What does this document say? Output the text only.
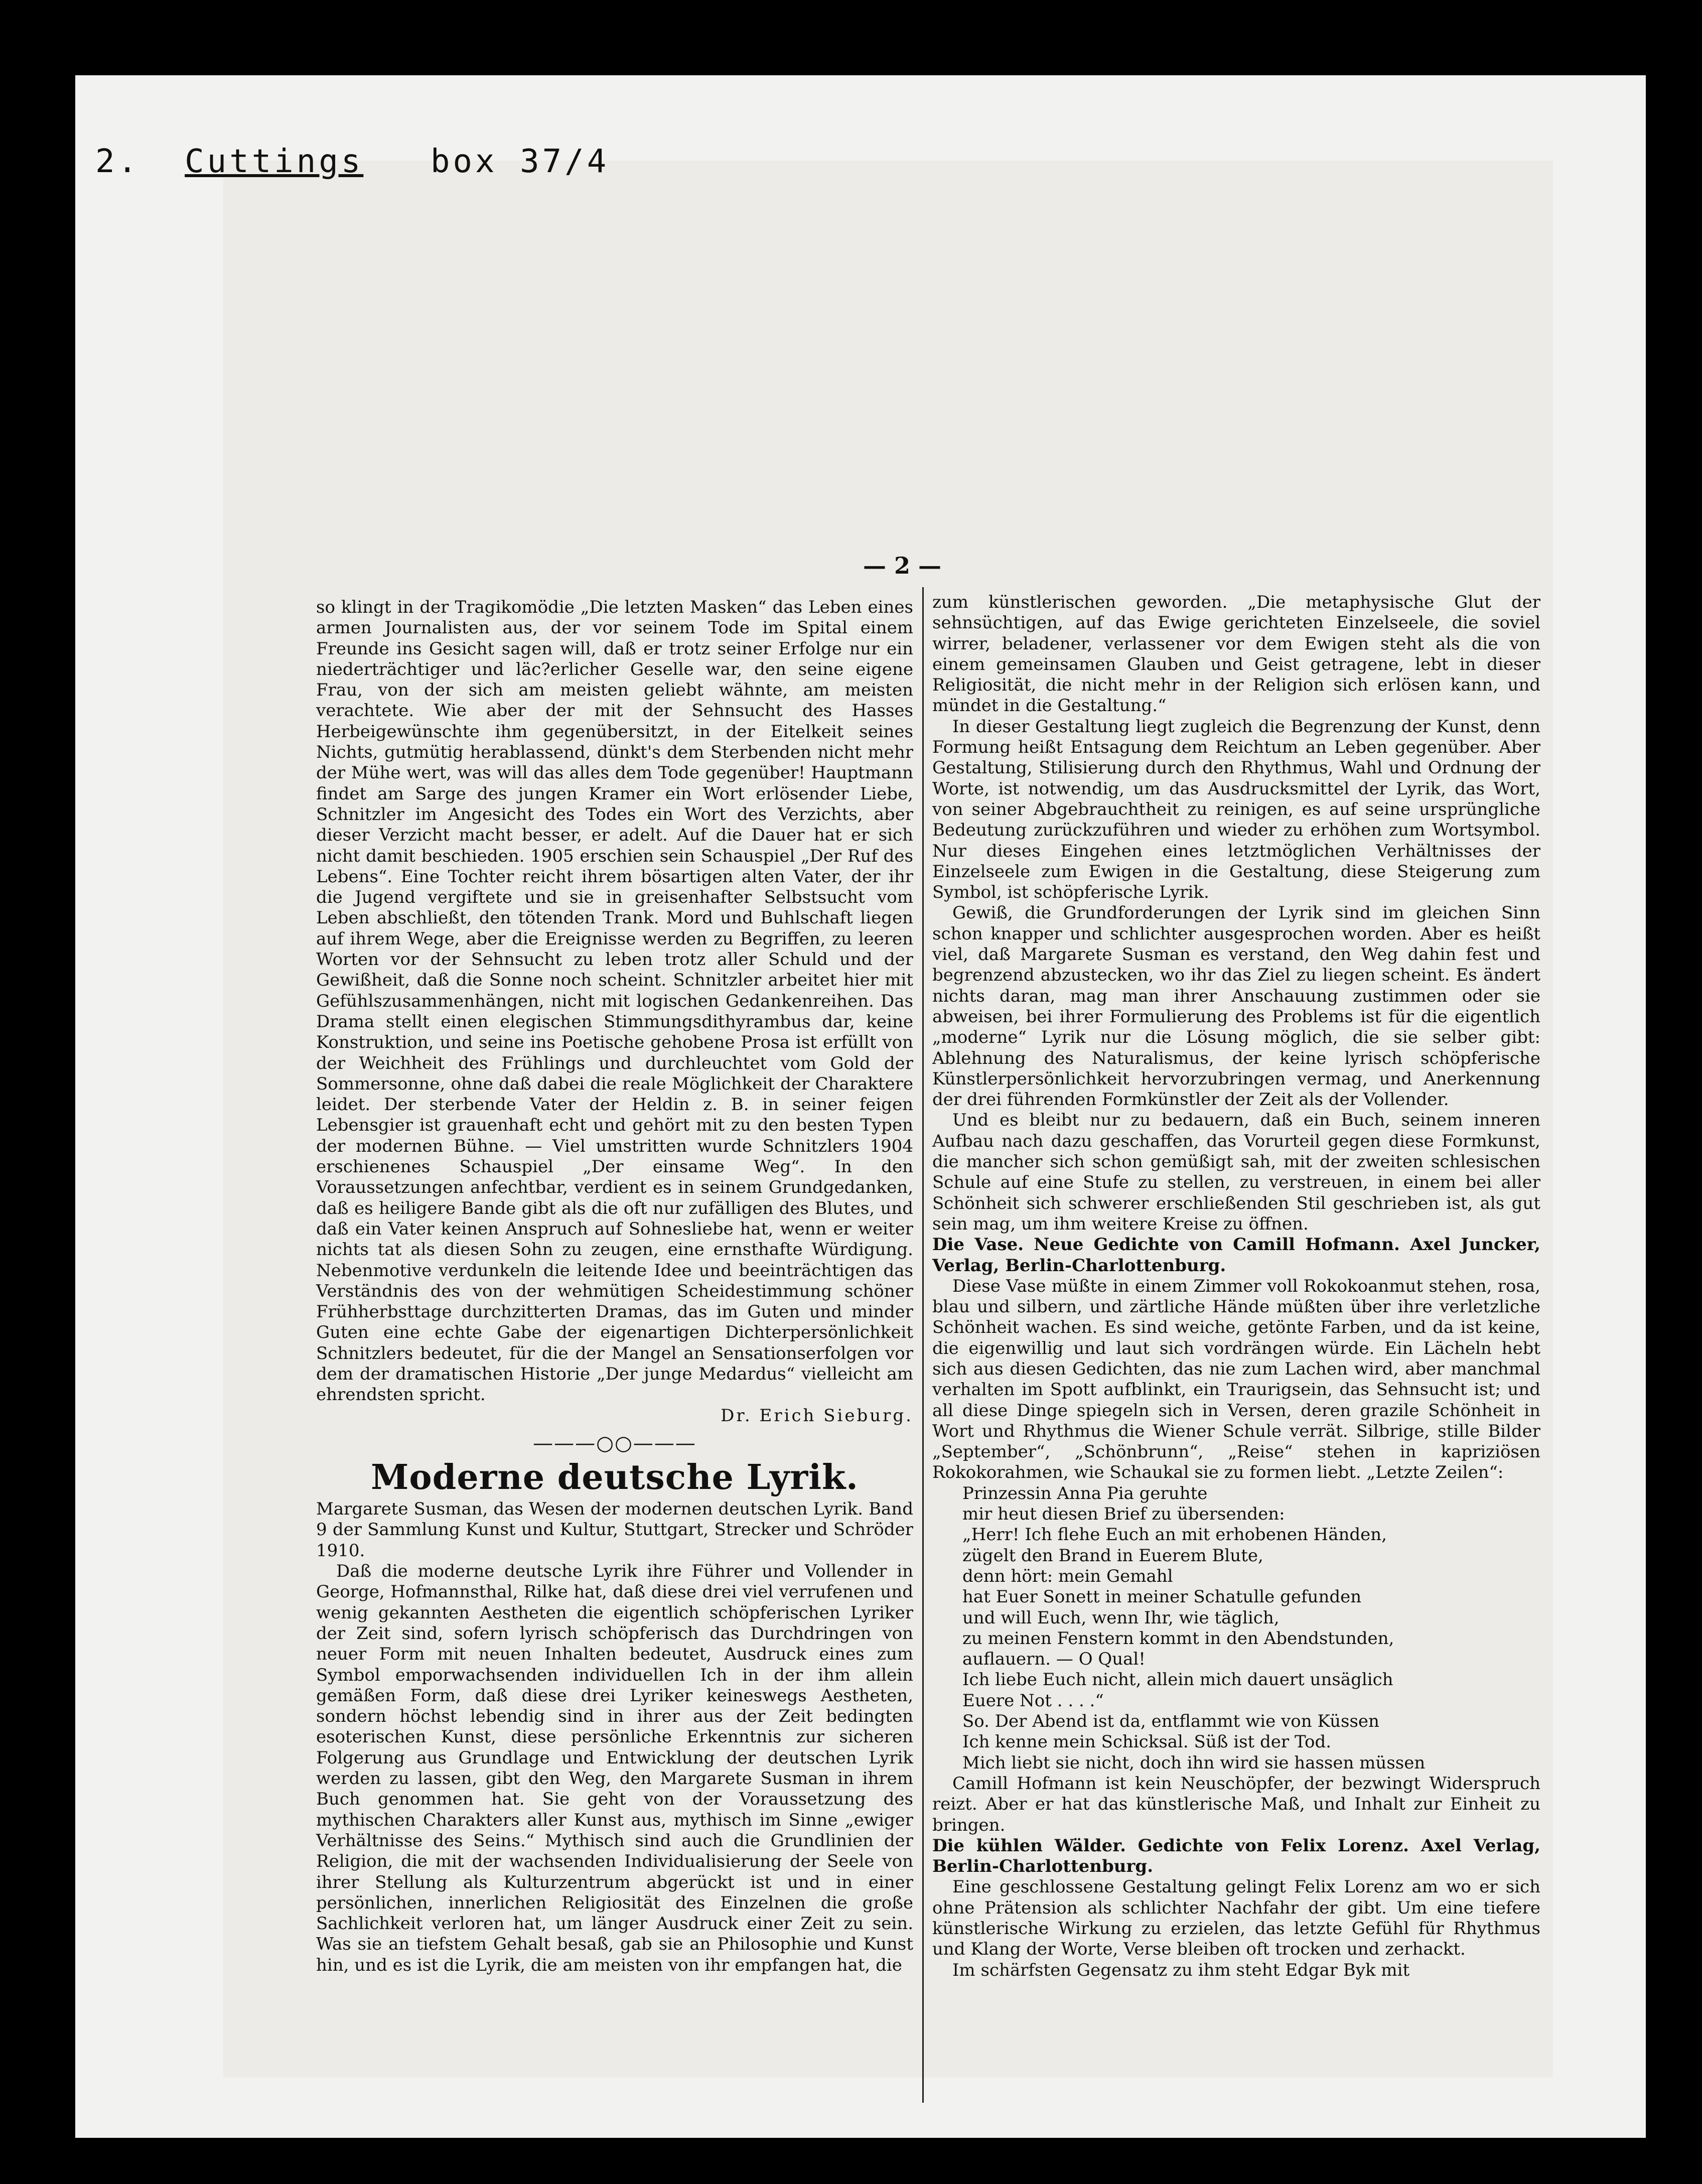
2. Cuttings box 37/4
— 2 —

so klingt in der Tragikomödie „Die letzten Masken“ das Leben eines armen Journalisten aus, der vor seinem Tode im Spital einem Freunde ins Gesicht sagen will, daß er trotz seiner Erfolge nur ein niederträchtiger und läc?erlicher Geselle war, den seine eigene Frau, von der sich am meisten geliebt wähnte, am meisten verachtete. Wie aber der mit der Sehnsucht des Hasses Herbeigewünschte ihm gegenübersitzt, in der Eitelkeit seines Nichts, gutmütig herablassend, dünkt's dem Sterbenden nicht mehr der Mühe wert, was will das alles dem Tode gegenüber! Hauptmann findet am Sarge des jungen Kramer ein Wort erlösender Liebe, Schnitzler im Angesicht des Todes ein Wort des Verzichts, aber dieser Verzicht macht besser, er adelt. Auf die Dauer hat er sich nicht damit beschieden. 1905 erschien sein Schauspiel „Der Ruf des Lebens“. Eine Tochter reicht ihrem bösartigen alten Vater, der ihr die Jugend vergiftete und sie in greisenhafter Selbstsucht vom Leben abschließt, den tötenden Trank. Mord und Buhlschaft liegen auf ihrem Wege, aber die Ereignisse werden zu Begriffen, zu leeren Worten vor der Sehnsucht zu leben trotz aller Schuld und der Gewißheit, daß die Sonne noch scheint. Schnitzler arbeitet hier mit Gefühlszusammenhängen, nicht mit logischen Gedankenreihen. Das Drama stellt einen elegischen Stimmungsdithyrambus dar, keine Konstruktion, und seine ins Poetische gehobene Prosa ist erfüllt von der Weichheit des Frühlings und durchleuchtet vom Gold der Sommersonne, ohne daß dabei die reale Möglichkeit der Charaktere leidet. Der sterbende Vater der Heldin z. B. in seiner feigen Lebensgier ist grauenhaft echt und gehört mit zu den besten Typen der modernen Bühne. — Viel umstritten wurde Schnitzlers 1904 erschienenes Schauspiel „Der einsame Weg“. In den Voraussetzungen anfechtbar, verdient es in seinem Grundgedanken, daß es heiligere Bande gibt als die oft nur zufälligen des Blutes, und daß ein Vater keinen Anspruch auf Sohnesliebe hat, wenn er weiter nichts tat als diesen Sohn zu zeugen, eine ernsthafte Würdigung. Nebenmotive verdunkeln die leitende Idee und beeinträchtigen das Verständnis des von der wehmütigen Scheidestimmung schöner Frühherbsttage durchzitterten Dramas, das im Guten und minder Guten eine echte Gabe der eigenartigen Dichterpersönlichkeit Schnitzlers bedeutet, für die der Mangel an Sensationserfolgen vor dem der dramatischen Historie „Der junge Medardus“ vielleicht am ehrendsten spricht.

Dr. Erich Sieburg.

———○○———
Moderne deutsche Lyrik.

Margarete Susman, das Wesen der modernen deutschen Lyrik. Band 9 der Sammlung Kunst und Kultur, Stuttgart, Strecker und Schröder 1910.

Daß die moderne deutsche Lyrik ihre Führer und Vollender in George, Hofmannsthal, Rilke hat, daß diese drei viel verrufenen und wenig gekannten Aestheten die eigentlich schöpferischen Lyriker der Zeit sind, sofern lyrisch schöpferisch das Durchdringen von neuer Form mit neuen Inhalten bedeutet, Ausdruck eines zum Symbol emporwachsenden individuellen Ich in der ihm allein gemäßen Form, daß diese drei Lyriker keineswegs Aestheten, sondern höchst lebendig sind in ihrer aus der Zeit bedingten esoterischen Kunst, diese persönliche Erkenntnis zur sicheren Folgerung aus Grundlage und Entwicklung der deutschen Lyrik werden zu lassen, gibt den Weg, den Margarete Susman in ihrem Buch genommen hat. Sie geht von der Voraussetzung des mythischen Charakters aller Kunst aus, mythisch im Sinne „ewiger Verhältnisse des Seins.“ Mythisch sind auch die Grundlinien der Religion, die mit der wachsenden Individualisierung der Seele von ihrer Stellung als Kulturzentrum abgerückt ist und in einer persönlichen, innerlichen Religiosität des Einzelnen die große Sachlichkeit verloren hat, um länger Ausdruck einer Zeit zu sein. Was sie an tiefstem Gehalt besaß, gab sie an Philosophie und Kunst hin, und es ist die Lyrik, die am meisten von ihr empfangen hat, die

zum künstlerischen geworden. „Die metaphysische Glut der sehnsüchtigen, auf das Ewige gerichteten Einzelseele, die soviel wirrer, beladener, verlassener vor dem Ewigen steht als die von einem gemeinsamen Glauben und Geist getragene, lebt in dieser Religiosität, die nicht mehr in der Religion sich erlösen kann, und mündet in die Gestaltung.“

In dieser Gestaltung liegt zugleich die Begrenzung der Kunst, denn Formung heißt Entsagung dem Reichtum an Leben gegenüber. Aber Gestaltung, Stilisierung durch den Rhythmus, Wahl und Ordnung der Worte, ist notwendig, um das Ausdrucksmittel der Lyrik, das Wort, von seiner Abgebrauchtheit zu reinigen, es auf seine ursprüngliche Bedeutung zurückzuführen und wieder zu erhöhen zum Wortsymbol. Nur dieses Eingehen eines letztmöglichen Verhältnisses der Einzelseele zum Ewigen in die Gestaltung, diese Steigerung zum Symbol, ist schöpferische Lyrik.

Gewiß, die Grundforderungen der Lyrik sind im gleichen Sinn schon knapper und schlichter ausgesprochen worden. Aber es heißt viel, daß Margarete Susman es verstand, den Weg dahin fest und begrenzend abzustecken, wo ihr das Ziel zu liegen scheint. Es ändert nichts daran, mag man ihrer Anschauung zustimmen oder sie abweisen, bei ihrer Formulierung des Problems ist für die eigentlich „moderne“ Lyrik nur die Lösung möglich, die sie selber gibt: Ablehnung des Naturalismus, der keine lyrisch schöpferische Künstlerpersönlichkeit hervorzubringen vermag, und Anerkennung der drei führenden Formkünstler der Zeit als der Vollender.

Und es bleibt nur zu bedauern, daß ein Buch, seinem inneren Aufbau nach dazu geschaffen, das Vorurteil gegen diese Formkunst, die mancher sich schon gemüßigt sah, mit der zweiten schlesischen Schule auf eine Stufe zu stellen, zu verstreuen, in einem bei aller Schönheit sich schwerer erschließenden Stil geschrieben ist, als gut sein mag, um ihm weitere Kreise zu öffnen.

Die Vase. Neue Gedichte von Camill Hofmann. Axel Juncker, Verlag, Berlin-Charlottenburg.

Diese Vase müßte in einem Zimmer voll Rokokoanmut stehen, rosa, blau und silbern, und zärtliche Hände müßten über ihre verletzliche Schönheit wachen. Es sind weiche, getönte Farben, und da ist keine, die eigenwillig und laut sich vordrängen würde. Ein Lächeln hebt sich aus diesen Gedichten, das nie zum Lachen wird, aber manchmal verhalten im Spott aufblinkt, ein Traurigsein, das Sehnsucht ist; und all diese Dinge spiegeln sich in Versen, deren grazile Schönheit in Wort und Rhythmus die Wiener Schule verrät. Silbrige, stille Bilder „September“, „Schönbrunn“, „Reise“ stehen in kapriziösen Rokokorahmen, wie Schaukal sie zu formen liebt. „Letzte Zeilen“:

Prinzessin Anna Pia geruhte
mir heut diesen Brief zu übersenden:
„Herr! Ich flehe Euch an mit erhobenen Händen,
zügelt den Brand in Euerem Blute,
denn hört: mein Gemahl
hat Euer Sonett in meiner Schatulle gefunden
und will Euch, wenn Ihr, wie täglich,
zu meinen Fenstern kommt in den Abendstunden,
auflauern. — O Qual!
Ich liebe Euch nicht, allein mich dauert unsäglich
Euere Not . . . .“
So. Der Abend ist da, entflammt wie von Küssen
Ich kenne mein Schicksal. Süß ist der Tod.
Mich liebt sie nicht, doch ihn wird sie hassen müssen

Camill Hofmann ist kein Neuschöpfer, der bezwingt Widerspruch reizt. Aber er hat das künstlerische Maß, und Inhalt zur Einheit zu bringen.

Die kühlen Wälder. Gedichte von Felix Lorenz. Axel Verlag, Berlin-Charlottenburg.

Eine geschlossene Gestaltung gelingt Felix Lorenz am wo er sich ohne Prätension als schlichter Nachfahr der gibt. Um eine tiefere künstlerische Wirkung zu erzielen, das letzte Gefühl für Rhythmus und Klang der Worte, Verse bleiben oft trocken und zerhackt.

Im schärfsten Gegensatz zu ihm steht Edgar Byk mit
